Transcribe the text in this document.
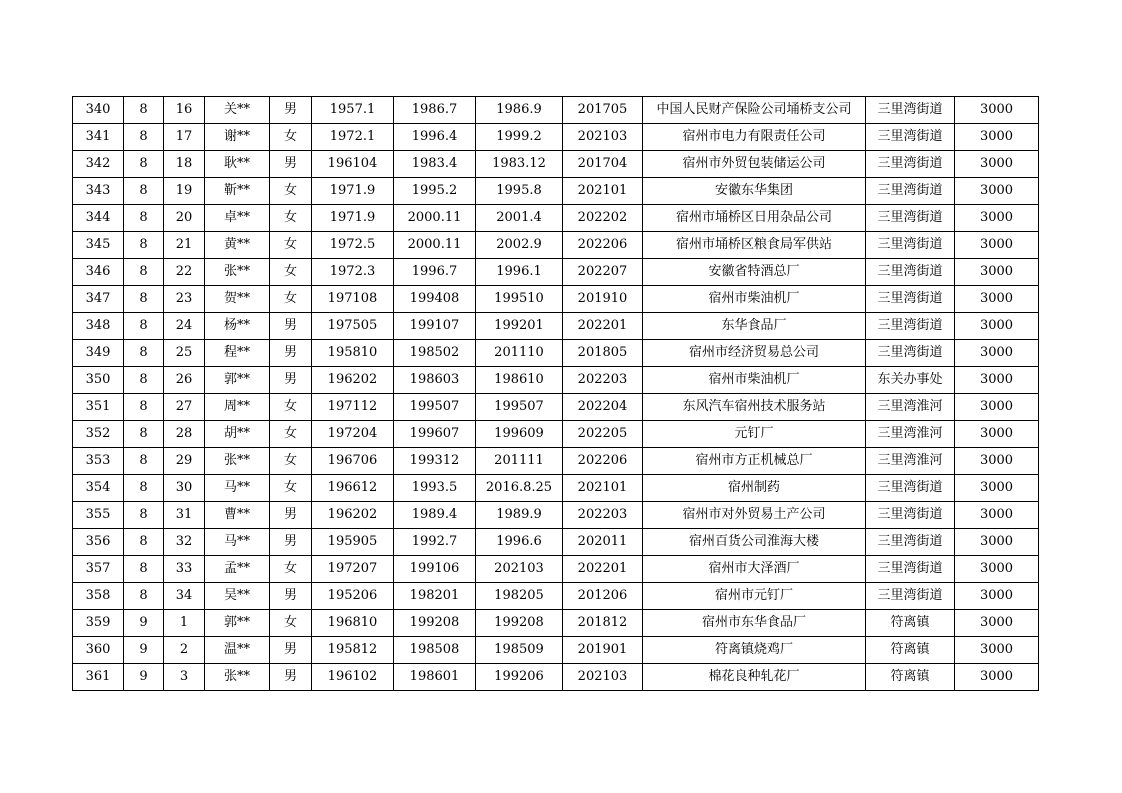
340	8	16	关**	男	1957.1	1986.7	1986.9	201705	中国人民财产保险公司埇桥支公司	三里湾街道	3000
341	8	17	谢**	女	1972.1	1996.4	1999.2	202103	宿州市电力有限责任公司	三里湾街道	3000
342	8	18	耿**	男	196104	1983.4	1983.12	201704	宿州市外贸包装储运公司	三里湾街道	3000
343	8	19	靳**	女	1971.9	1995.2	1995.8	202101	安徽东华集团	三里湾街道	3000
344	8	20	卓**	女	1971.9	2000.11	2001.4	202202	宿州市埇桥区日用杂品公司	三里湾街道	3000
345	8	21	黄**	女	1972.5	2000.11	2002.9	202206	宿州市埇桥区粮食局军供站	三里湾街道	3000
346	8	22	张**	女	1972.3	1996.7	1996.1	202207	安徽省特酒总厂	三里湾街道	3000
347	8	23	贺**	女	197108	199408	199510	201910	宿州市柴油机厂	三里湾街道	3000
348	8	24	杨**	男	197505	199107	199201	202201	东华食品厂	三里湾街道	3000
349	8	25	程**	男	195810	198502	201110	201805	宿州市经济贸易总公司	三里湾街道	3000
350	8	26	郭**	男	196202	198603	198610	202203	宿州市柴油机厂	东关办事处	3000
351	8	27	周**	女	197112	199507	199507	202204	东风汽车宿州技术服务站	三里湾淮河	3000
352	8	28	胡**	女	197204	199607	199609	202205	元钉厂	三里湾淮河	3000
353	8	29	张**	女	196706	199312	201111	202206	宿州市方正机械总厂	三里湾淮河	3000
354	8	30	马**	女	196612	1993.5	2016.8.25	202101	宿州制药	三里湾街道	3000
355	8	31	曹**	男	196202	1989.4	1989.9	202203	宿州市对外贸易土产公司	三里湾街道	3000
356	8	32	马**	男	195905	1992.7	1996.6	202011	宿州百货公司淮海大楼	三里湾街道	3000
357	8	33	孟**	女	197207	199106	202103	202201	宿州市大泽酒厂	三里湾街道	3000
358	8	34	吴**	男	195206	198201	198205	201206	宿州市元钉厂	三里湾街道	3000
359	9	1	郭**	女	196810	199208	199208	201812	宿州市东华食品厂	符离镇	3000
360	9	2	温**	男	195812	198508	198509	201901	符离镇烧鸡厂	符离镇	3000
361	9	3	张**	男	196102	198601	199206	202103	棉花良种轧花厂	符离镇	3000
